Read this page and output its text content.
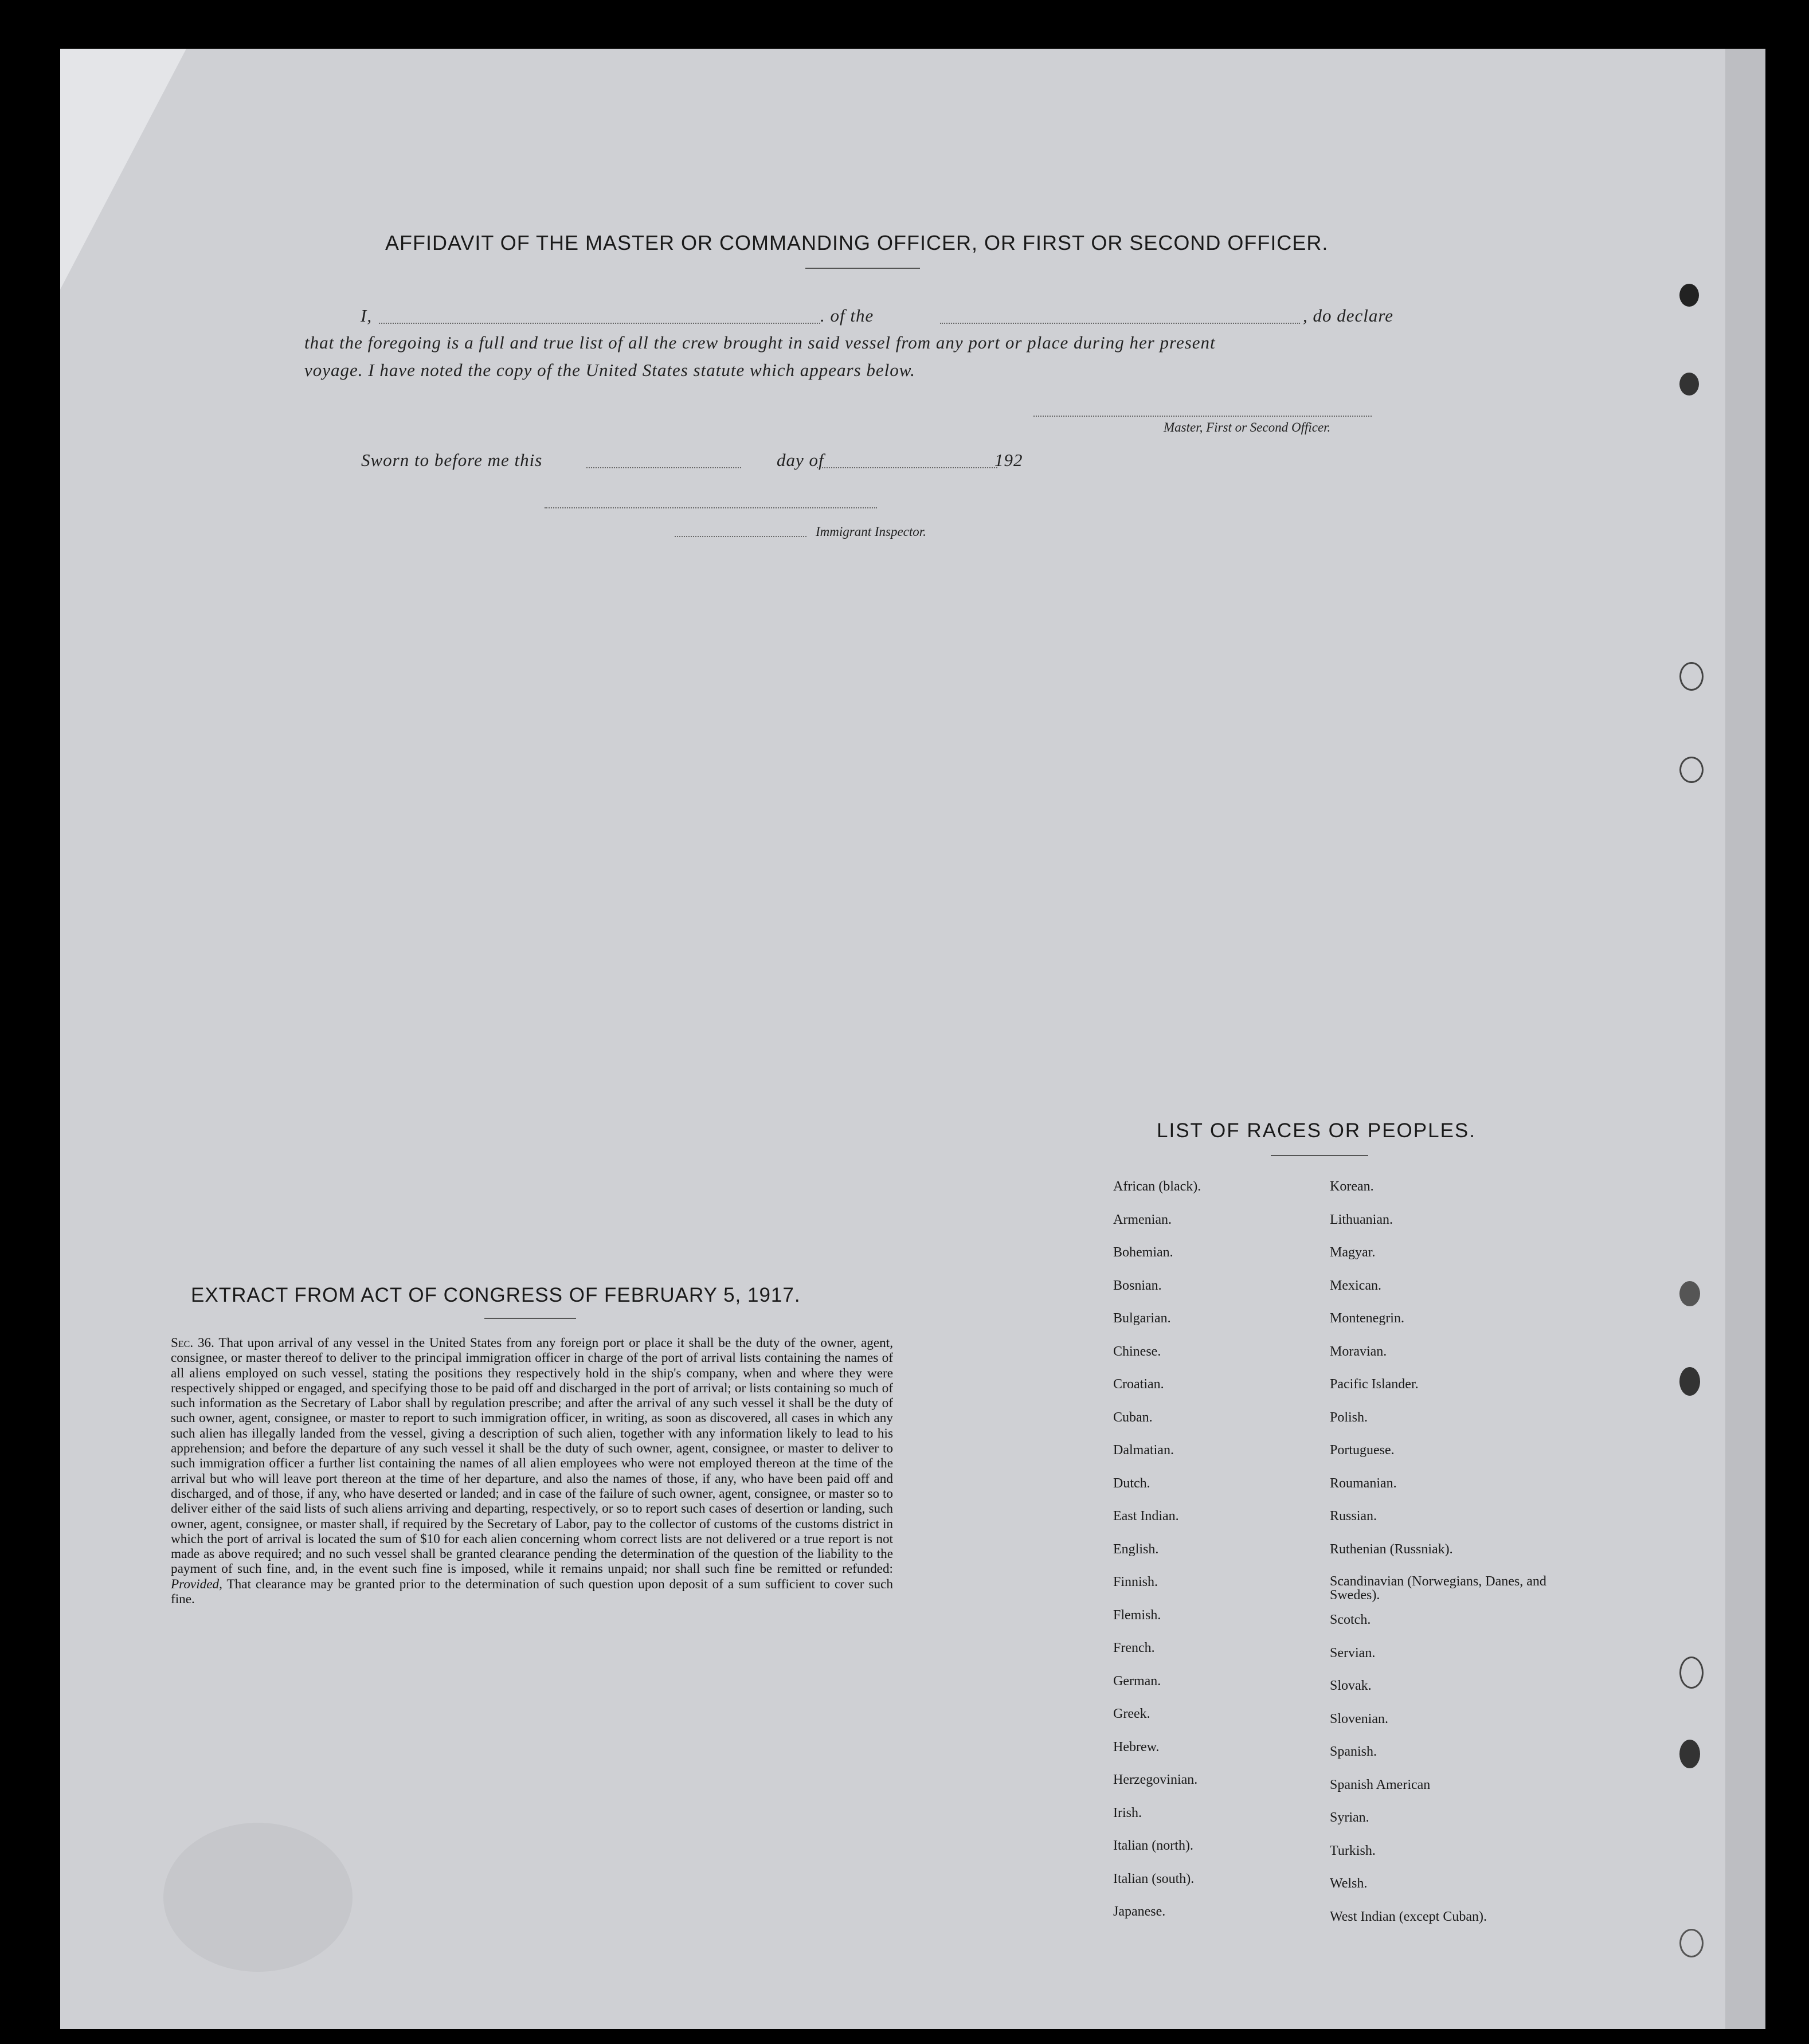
AFFIDAVIT OF THE MASTER OR COMMANDING OFFICER, OR FIRST OR SECOND OFFICER.
I,	. of the	, do declare
that the foregoing is a full and true list of all the crew brought in said vessel from any port or place during her present
voyage. I have noted the copy of the United States statute which appears below.
Master, First or Second Officer.
Sworn to before me this	day of	192
Immigrant Inspector.
EXTRACT FROM ACT OF CONGRESS OF FEBRUARY 5, 1917.
Sec. 36. That upon arrival of any vessel in the United States from any foreign port or place it shall be the duty of the owner, agent, consignee, or master thereof to deliver to the principal immigration officer in charge of the port of arrival lists containing the names of all aliens employed on such vessel, stating the positions they respectively hold in the ship's company, when and where they were respectively shipped or engaged, and specifying those to be paid off and discharged in the port of arrival; or lists containing so much of such information as the Secretary of Labor shall by regulation prescribe; and after the arrival of any such vessel it shall be the duty of such owner, agent, consignee, or master to report to such immigration officer, in writing, as soon as discovered, all cases in which any such alien has illegally landed from the vessel, giving a description of such alien, together with any information likely to lead to his apprehension; and before the departure of any such vessel it shall be the duty of such owner, agent, consignee, or master to deliver to such immigration officer a further list containing the names of all alien employees who were not employed thereon at the time of the arrival but who will leave port thereon at the time of her departure, and also the names of those, if any, who have been paid off and discharged, and of those, if any, who have deserted or landed; and in case of the failure of such owner, agent, consignee, or master so to deliver either of the said lists of such aliens arriving and departing, respectively, or so to report such cases of desertion or landing, such owner, agent, consignee, or master shall, if required by the Secretary of Labor, pay to the collector of customs of the customs district in which the port of arrival is located the sum of $10 for each alien concerning whom correct lists are not delivered or a true report is not made as above required; and no such vessel shall be granted clearance pending the determination of the question of the liability to the payment of such fine, and, in the event such fine is imposed, while it remains unpaid; nor shall such fine be remitted or refunded: Provided, That clearance may be granted prior to the determination of such question upon deposit of a sum sufficient to cover such fine.
LIST OF RACES OR PEOPLES.
African (black).
Armenian.
Bohemian.
Bosnian.
Bulgarian.
Chinese.
Croatian.
Cuban.
Dalmatian.
Dutch.
East Indian.
English.
Finnish.
Flemish.
French.
German.
Greek.
Hebrew.
Herzegovinian.
Irish.
Italian (north).
Italian (south).
Japanese.
Korean.
Lithuanian.
Magyar.
Mexican.
Montenegrin.
Moravian.
Pacific Islander.
Polish.
Portuguese.
Roumanian.
Russian.
Ruthenian (Russniak).
Scandinavian (Norwegians, Danes, and Swedes).
Scotch.
Servian.
Slovak.
Slovenian.
Spanish.
Spanish American
Syrian.
Turkish.
Welsh.
West Indian (except Cuban).
